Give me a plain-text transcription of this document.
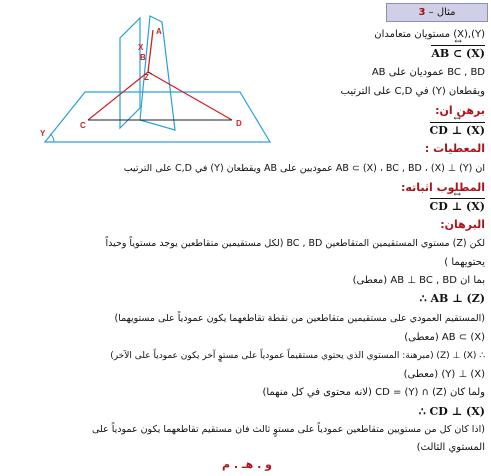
مثال – 3
A
X
B
Z
C	D
Y
(Y),(X) مستويان متعامدان
AB ⊂ (X) ↔
BC , BD عموديان على AB
ويقطعان (Y) في C,D على الترتيب
برهن ان:
CD ⊥ (X) ↔
المعطيات :
ان (Y) ⊥ (X) ، AB ⊂ (X) ، BC , BD عموديين على AB ويقطعان (Y) في C,D على الترتيب
المطلوب اثباته:
CD ⊥ (X) ↔
البرهان:
لكن (Z) مستوي المستقيمين المتقاطعين BC , BD (لكل مستقيمين متقاطعين يوجد مستوياً وحيداً
يحتويهما )
بما ان AB ⊥ BC , BD (معطى)
∴ AB ⊥ (Z)
(المستقيم العمودي على مستقيمين متقاطعين من نقطة تقاطعهما يكون عمودياً على مستويهما)
AB ⊂ (X) (معطى)
∴ (X) ⊥ (Z) (مبرهنة: المستوي الذي يحتوي مستقيماً عمودياً على مستوٍ آخر يكون عمودياً على الآخر)
(X) ⊥ (Y) (معطى)
ولما كان (Z) ∩ (Y) = CD (لانه محتوى في كل منهما)
∴ CD ⊥ (X)
(اذا كان كل من مستويين متقاطعين عمودياً على مستوٍ ثالث فان مستقيم تقاطعهما يكون عمودياً على
المستوي الثالث)
و . هـ . م
